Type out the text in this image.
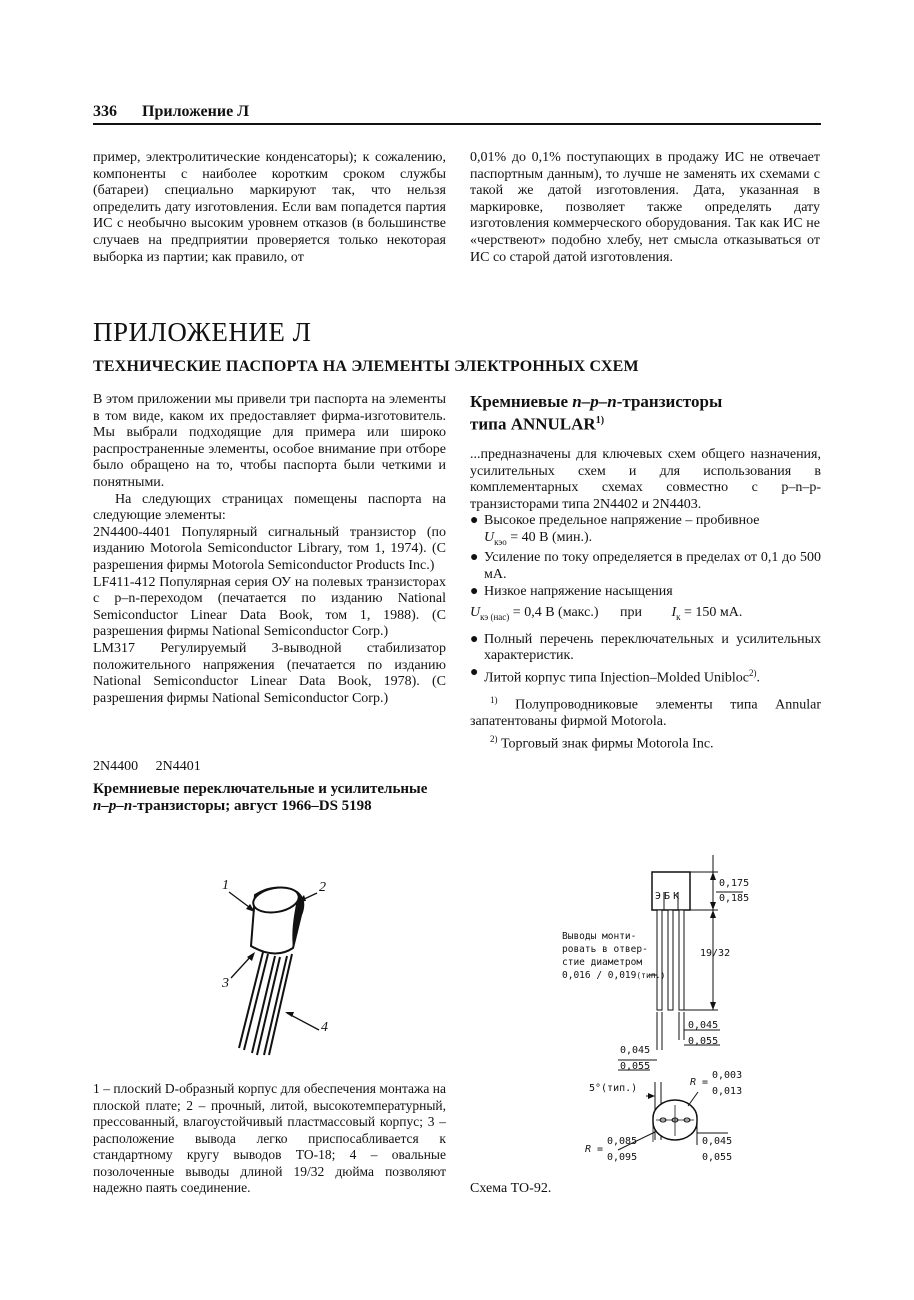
336 Приложение Л
пример, электролитические конденсаторы); к сожалению, компоненты с наиболее коротким сроком службы (батареи) специально маркируют так, что нельзя определить дату изготовления. Если вам попадется партия ИС с необычно высоким уровнем отказов (в большинстве случаев на предприятии проверяется только некоторая выборка из партии; как правило, от
0,01% до 0,1% поступающих в продажу ИС не отвечает паспортным данным), то лучше не заменять их схемами с такой же датой изготовления. Дата, указанная в маркировке, позволяет также определять дату изготовления коммерческого оборудования. Так как ИС не «черствеют» подобно хлебу, нет смысла отказываться от ИС со старой датой изготовления.
ПРИЛОЖЕНИЕ Л
ТЕХНИЧЕСКИЕ ПАСПОРТА НА ЭЛЕМЕНТЫ ЭЛЕКТРОННЫХ СХЕМ
В этом приложении мы привели три паспорта на элементы в том виде, каком их предоставляет фирма-изготовитель. Мы выбрали подходящие для примера или широко распространенные элементы, особое внимание при отборе было обращено на то, чтобы паспорта были четкими и понятными.
На следующих страницах помещены паспорта на следующие элементы:

2N4400-4401 Популярный сигнальный транзистор (по изданию Motorola Semiconductor Library, том 1, 1974). (С разрешения фирмы Motorola Semiconductor Products Inc.)

LF411-412 Популярная серия ОУ на полевых транзисторах с p–n-переходом (печатается по изданию National Semiconductor Linear Data Book, том 1, 1988). (С разрешения фирмы National Semiconductor Corp.)

LM317 Регулируемый 3-выводной стабилизатор положительного напряжения (печатается по изданию National Semiconductor Linear Data Book, 1978). (С разрешения фирмы National Semiconductor Corp.)

Кремниевые n–p–n-транзисторы
типа ANNULAR$^{1)}$
...предназначены для ключевых схем общего назначения, усилительных схем и для использования в комплементарных схемах совместно с p–n–p-транзисторами типа 2N4402 и 2N4403.
● Высокое предельное напряжение – пробивное
$U_{кэо} = 40$ В (мин.).
● Усиление по току определяется в пределах от 0,1 до 500 мА.
● Низкое напряжение насыщения
$U_{кэ (нас)} = 0,4$ В (макс.) при $I_к = 150$ мА.
● Полный перечень переключательных и усилительных характеристик.
● Литой корпус типа Injection–Molded Unibloc$^{2)}$.

$^{1)}$ Полупроводниковые элементы типа Annular запатентованы фирмой Motorola.

$^{2)}$ Торговый знак фирмы Motorola Inc.

2N4400 2N4401
Кремниевые переключательные и усилительные
n–p–n-транзисторы; август 1966–DS 5198
1	2
3
4
1 – плоский D-образный корпус для обеспечения монтажа на плоской плате; 2 – прочный, литой, высокотемпературный, прессованный, влагоустойчивый пластмассовый корпус; 3 – расположение вывода легко приспосабливается к стандартному кругу выводов ТО-18; 4 – овальные позолоченные выводы длиной 19/32 дюйма позволяют надежно паять соединение.
ЭБК
0,175
0,185
19/32
Выводы монти-
ровать в отвер-
стие диаметром
0,016 / 0,019(тип.)
0,045
0,055
0,045
0,055
5°(тип.)
R =
0,003
0,013
R =
0,085
0,095
0,045
0,055
Схема ТО-92.
